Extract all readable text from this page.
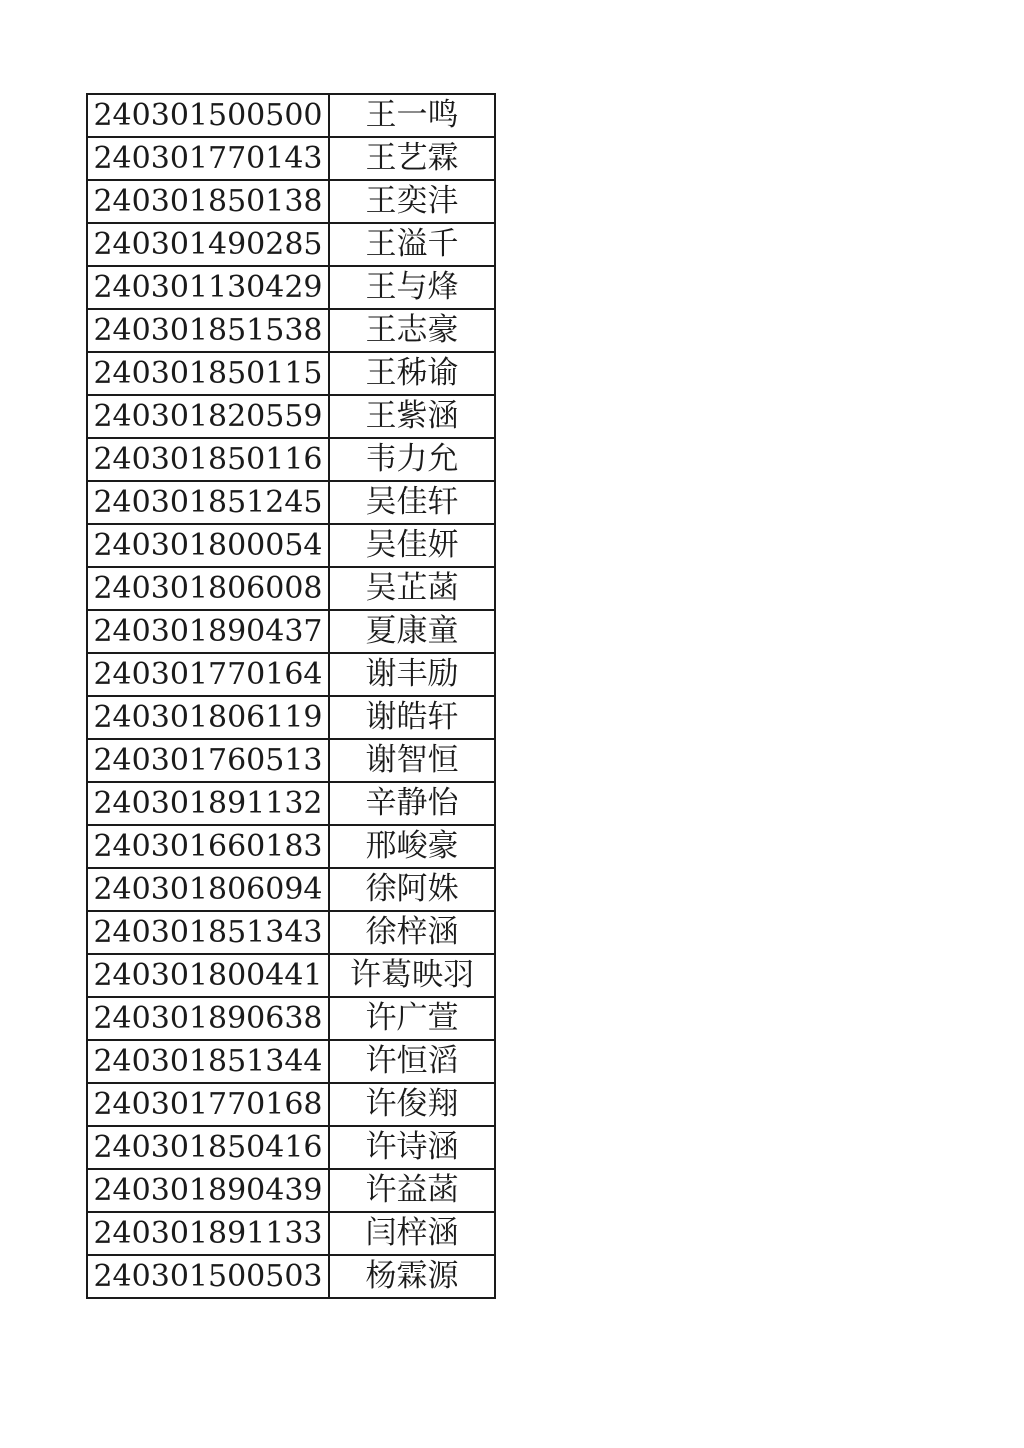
240301500500	王一鸣
240301770143	王艺霖
240301850138	王奕沣
240301490285	王溢千
240301130429	王与烽
240301851538	王志豪
240301850115	王秭谕
240301820559	王紫涵
240301850116	韦力允
240301851245	吴佳轩
240301800054	吴佳妍
240301806008	吴芷菡
240301890437	夏康童
240301770164	谢丰励
240301806119	谢皓轩
240301760513	谢智恒
240301891132	辛静怡
240301660183	邢峻豪
240301806094	徐阿姝
240301851343	徐梓涵
240301800441	许葛映羽
240301890638	许广萱
240301851344	许恒滔
240301770168	许俊翔
240301850416	许诗涵
240301890439	许益菡
240301891133	闫梓涵
240301500503	杨霖源
